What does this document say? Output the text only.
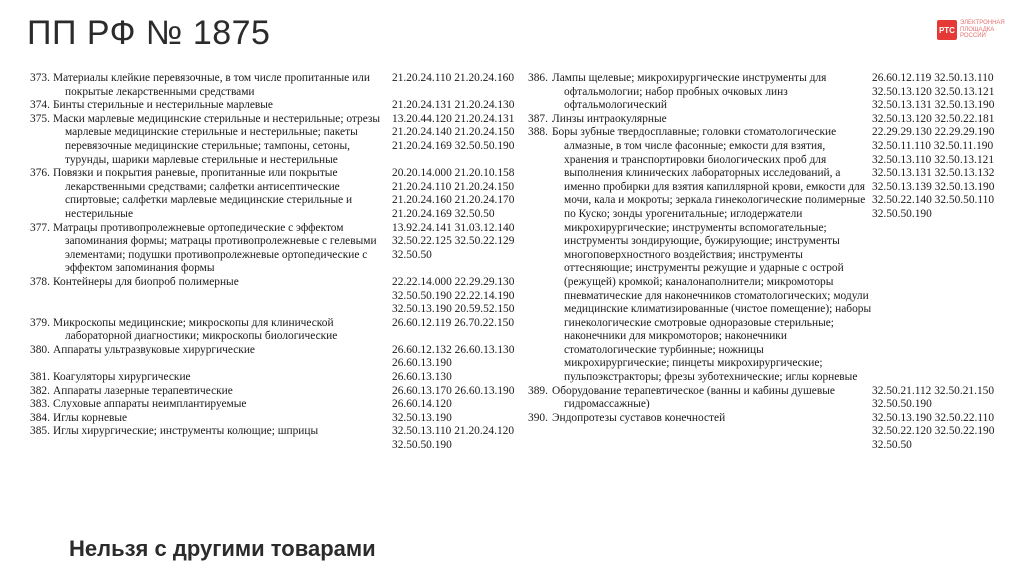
ПП РФ № 1875	РТС
ЭЛЕКТРОННАЯ ПЛОЩАДКА РОССИИ
373. Материалы клейкие перевязочные, в том числе пропитанные или покрытые лекарственными средствами
21.20.24.110 21.20.24.160
374. Бинты стерильные и нестерильные марлевые	21.20.24.131 21.20.24.130
375. Маски марлевые медицинские стерильные и нестерильные; отрезы марлевые медицинские стерильные и нестерильные; пакеты перевязочные медицинские стерильные; тампоны, сетоны, турунды, шарики марлевые стерильные и нестерильные
13.20.44.120 21.20.24.131 21.20.24.140 21.20.24.150 21.20.24.169 32.50.50.190
376. Повязки и покрытия раневые, пропитанные или покрытые лекарственными средствами; салфетки антисептические спиртовые; салфетки марлевые медицинские стерильные и нестерильные
20.20.14.000 21.20.10.158 21.20.24.110 21.20.24.150 21.20.24.160 21.20.24.170 21.20.24.169 32.50.50
377. Матрацы противопролежневые ортопедические с эффектом запоминания формы; матрацы противопролежневые с гелевыми элементами; подушки противопролежневые ортопедические с эффектом запоминания формы
13.92.24.141 31.03.12.140 32.50.22.125 32.50.22.129 32.50.50
378. Контейнеры для биопроб полимерные	22.22.14.000 22.29.29.130 32.50.50.190 22.22.14.190 32.50.13.190 20.59.52.150
379. Микроскопы медицинские; микроскопы для клинической лабораторной диагностики; микроскопы биологические
26.60.12.119 26.70.22.150
380. Аппараты ультразвуковые хирургические	26.60.12.132 26.60.13.130 26.60.13.190
381. Коагуляторы хирургические	26.60.13.130
382. Аппараты лазерные терапевтические	26.60.13.170 26.60.13.190
383. Слуховые аппараты неимплантируемые	26.60.14.120
384. Иглы корневые	32.50.13.190
385. Иглы хирургические; инструменты колющие; шприцы	32.50.13.110 21.20.24.120 32.50.50.190
386. Лампы щелевые; микрохирургические инструменты для офтальмологии; набор пробных очковых линз офтальмологический
26.60.12.119 32.50.13.110 32.50.13.120 32.50.13.121 32.50.13.131 32.50.13.190
387. Линзы интраокулярные	32.50.13.120 32.50.22.181
388. Боры зубные твердосплавные; головки стоматологические алмазные, в том числе фасонные; емкости для взятия, хранения и транспортировки биологических проб для выполнения клинических лабораторных исследований, а именно пробирки для взятия капиллярной крови, емкости для мочи, кала и мокроты; зеркала гинекологические полимерные по Куско; зонды урогенитальные; иглодержатели микрохирургические; инструменты вспомогательные; инструменты зондирующие, бужирующие; инструменты многоповерхностного воздействия; инструменты оттесняющие; инструменты режущие и ударные с острой (режущей) кромкой; каналонаполнители; микромоторы пневматические для наконечников стоматологических; модули медицинские климатизированные (чистое помещение); наборы гинекологические смотровые одноразовые стерильные; наконечники для микромоторов; наконечники стоматологические турбинные; ножницы микрохирургические; пинцеты микрохирургические; пульпоэкстракторы; фрезы зуботехнические; иглы корневые
22.29.29.130 22.29.29.190 32.50.11.110 32.50.11.190 32.50.13.110 32.50.13.121 32.50.13.131 32.50.13.132 32.50.13.139 32.50.13.190 32.50.22.140 32.50.50.110 32.50.50.190
389. Оборудование терапевтическое (ванны и кабины душевые гидромассажные)
32.50.21.112 32.50.21.150 32.50.50.190
390. Эндопротезы суставов конечностей	32.50.13.190 32.50.22.110 32.50.22.120 32.50.22.190 32.50.50
Нельзя с другими товарами
